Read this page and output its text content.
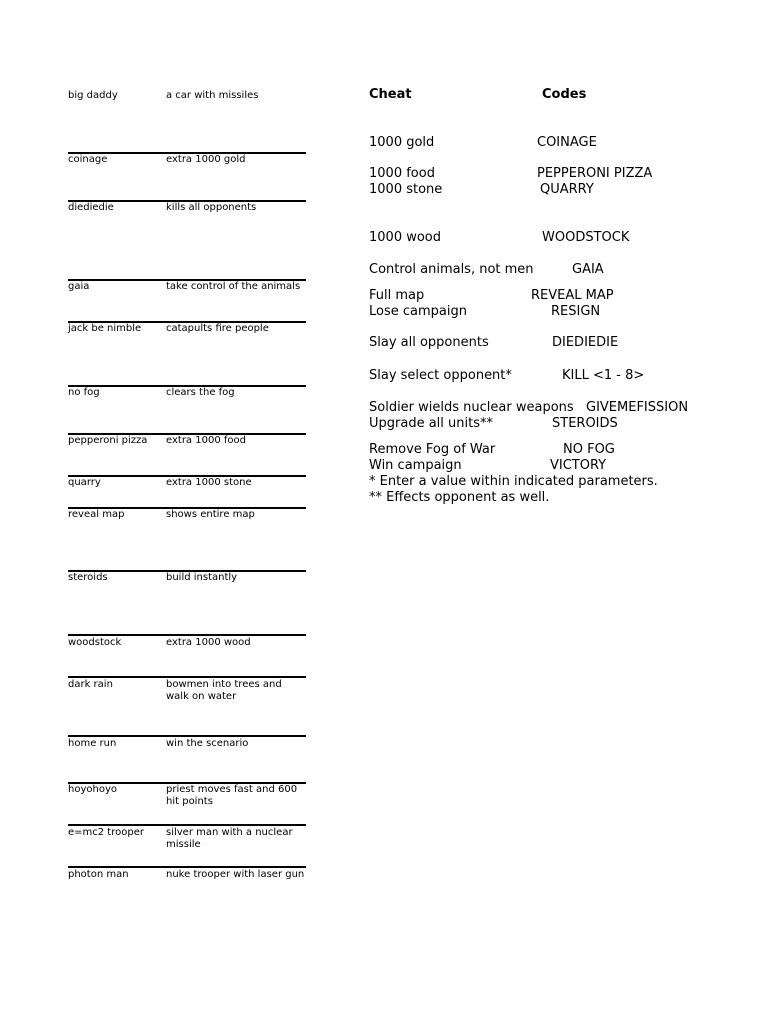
big daddy	a car with missiles
coinage	extra 1000 gold
diediedie	kills all opponents
gaia	take control of the animals
jack be nimble	catapults fire people
no fog	clears the fog
pepperoni pizza	extra 1000 food
quarry	extra 1000 stone
reveal map	shows entire map
steroids	build instantly
woodstock	extra 1000 wood
dark rain	bowmen into trees and walk on water
home run	win the scenario
hoyohoyo	priest moves fast and 600 hit points
e=mc2 trooper	silver man with a nuclear missile
photon man	nuke trooper with laser gun
Cheat	Codes
1000 gold	COINAGE
1000 food	PEPPERONI PIZZA
1000 stone	QUARRY
1000 wood	WOODSTOCK
Control animals, not men	GAIA
Full map	REVEAL MAP
Lose campaign	RESIGN
Slay all opponents	DIEDIEDIE
Slay select opponent*	KILL <1 - 8>
Soldier wields nuclear weapons GIVEMEFISSION
Upgrade all units**	STEROIDS
Remove Fog of War	NO FOG
Win campaign	VICTORY
* Enter a value within indicated parameters.
** Effects opponent as well.
